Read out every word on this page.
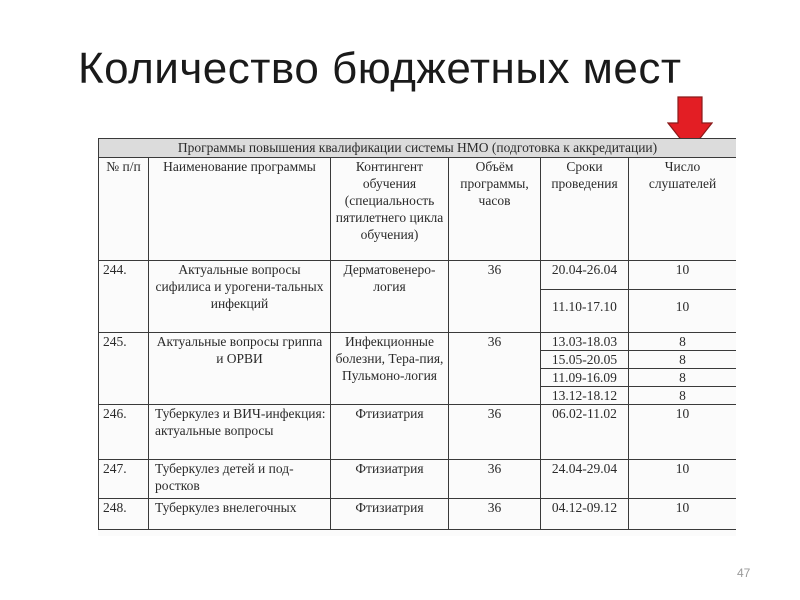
Количество бюджетных мест
Программы повышения квалификации системы НМО (подготовка к аккредитации)					
№ п/п	Наименование программы	Контингент обучения (специальность пятилетнего цикла обучения)	Объём программы, часов	Сроки проведения	Число слушателей
244.	Актуальные вопросы сифилиса и урогени-тальных инфекций	Дерматовенеро-логия	36	20.04-26.04	10
				11.10-17.10	10
245.	Актуальные вопросы гриппа и ОРВИ	Инфекционные болезни, Тера-пия, Пульмоно-логия	36	13.03-18.03	8
				15.05-20.05	8
				11.09-16.09	8
				13.12-18.12	8
246.	Туберкулез и ВИЧ-инфекция: актуальные вопросы	Фтизиатрия	36	06.02-11.02	10
247.	Туберкулез детей и под-ростков	Фтизиатрия	36	24.04-29.04	10
248.	Туберкулез внелегочных	Фтизиатрия	36	04.12-09.12	10
47
